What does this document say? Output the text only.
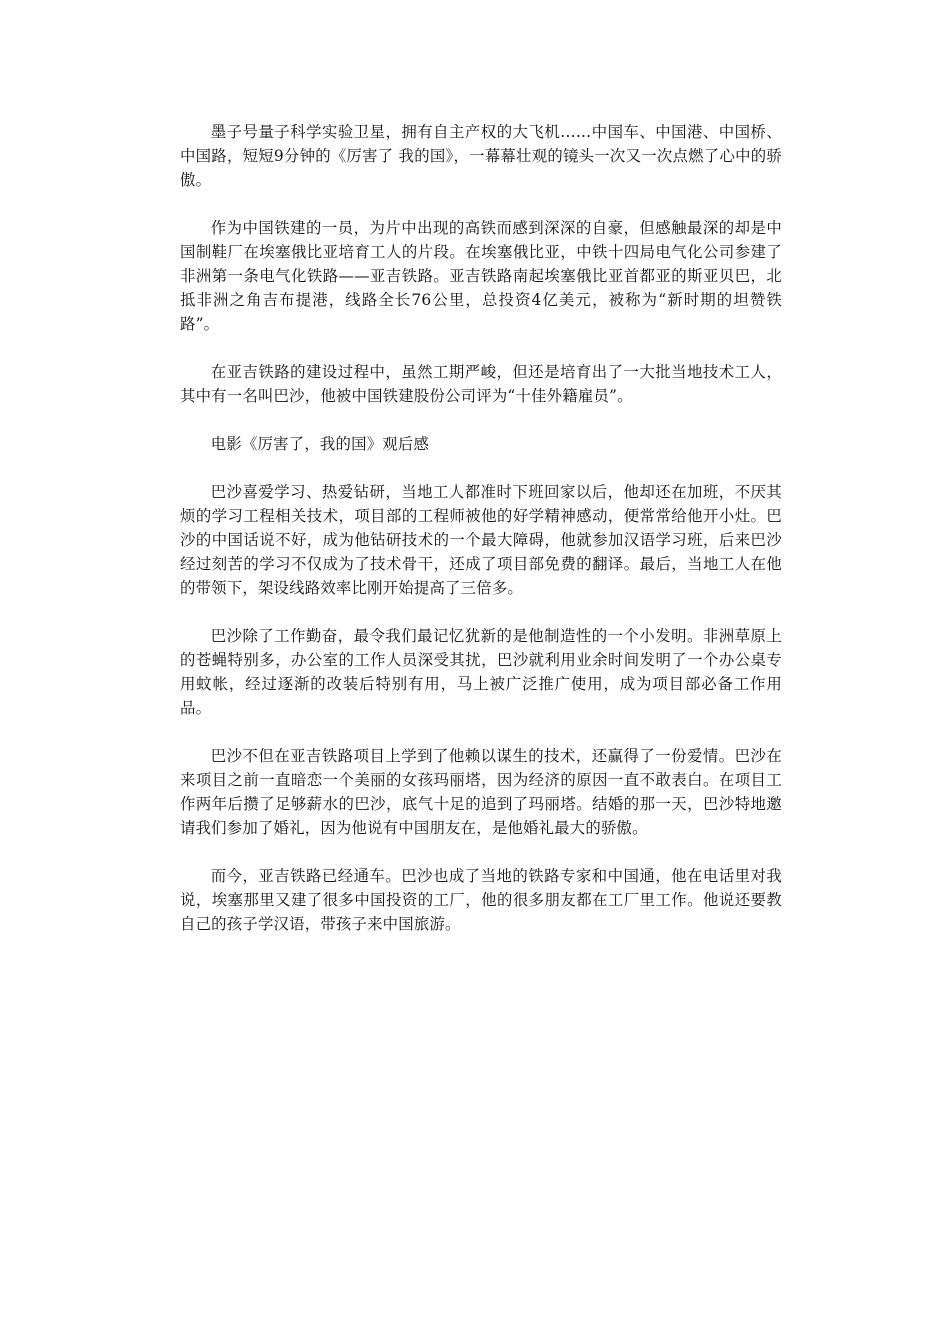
墨子号量子科学实验卫星，拥有自主产权的大飞机……中国车、中国港、中国桥、中国路，短短9分钟的《厉害了 我的国》，一幕幕壮观的镜头一次又一次点燃了心中的骄傲。

作为中国铁建的一员，为片中出现的高铁而感到深深的自豪，但感触最深的却是中国制鞋厂在埃塞俄比亚培育工人的片段。在埃塞俄比亚，中铁十四局电气化公司参建了非洲第一条电气化铁路——亚吉铁路。亚吉铁路南起埃塞俄比亚首都亚的斯亚贝巴，北抵非洲之角吉布提港，线路全长76公里，总投资4亿美元，被称为“新时期的坦赞铁路”。

在亚吉铁路的建设过程中，虽然工期严峻，但还是培育出了一大批当地技术工人，其中有一名叫巴沙，他被中国铁建股份公司评为“十佳外籍雇员”。

电影《厉害了，我的国》观后感

巴沙喜爱学习、热爱钻研，当地工人都准时下班回家以后，他却还在加班，不厌其烦的学习工程相关技术，项目部的工程师被他的好学精神感动，便常常给他开小灶。巴沙的中国话说不好，成为他钻研技术的一个最大障碍，他就参加汉语学习班，后来巴沙经过刻苦的学习不仅成为了技术骨干，还成了项目部免费的翻译。最后，当地工人在他的带领下，架设线路效率比刚开始提高了三倍多。

巴沙除了工作勤奋，最令我们最记忆犹新的是他制造性的一个小发明。非洲草原上的苍蝇特别多，办公室的工作人员深受其扰，巴沙就利用业余时间发明了一个办公桌专用蚊帐，经过逐渐的改装后特别有用，马上被广泛推广使用，成为项目部必备工作用品。

巴沙不但在亚吉铁路项目上学到了他赖以谋生的技术，还赢得了一份爱情。巴沙在来项目之前一直暗恋一个美丽的女孩玛丽塔，因为经济的原因一直不敢表白。在项目工作两年后攒了足够薪水的巴沙，底气十足的追到了玛丽塔。结婚的那一天，巴沙特地邀请我们参加了婚礼，因为他说有中国朋友在，是他婚礼最大的骄傲。

而今，亚吉铁路已经通车。巴沙也成了当地的铁路专家和中国通，他在电话里对我说，埃塞那里又建了很多中国投资的工厂，他的很多朋友都在工厂里工作。他说还要教自己的孩子学汉语，带孩子来中国旅游。
